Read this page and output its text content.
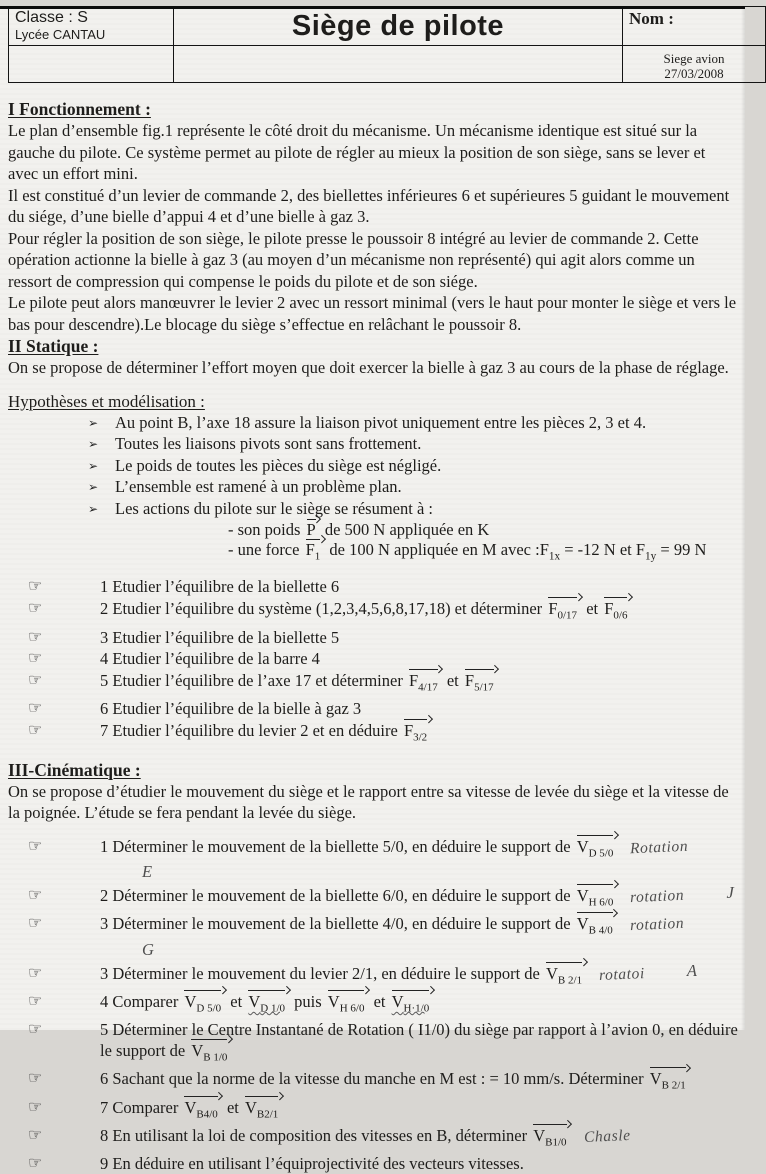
Classe : S
Lycée CANTAU	Siège de pilote	Nom :

		Siege avion
27/03/2008
I Fonctionnement :

Le plan d’ensemble fig.1 représente le côté droit du mécanisme. Un mécanisme identique est situé sur la gauche du pilote. Ce système permet au pilote de régler au mieux la position de son siège, sans se lever et avec un effort mini.

Il est constitué d’un levier de commande 2, des biellettes inférieures 6 et supérieures 5 guidant le mouvement du siége, d’une bielle d’appui 4 et d’une bielle à gaz 3.

Pour régler la position de son siège, le pilote presse le poussoir 8 intégré au levier de commande 2. Cette opération actionne la bielle à gaz 3 (au moyen d’un mécanisme non représenté) qui agit alors comme un ressort de compression qui compense le poids du pilote et de son siége.

Le pilote peut alors manœuvrer le levier 2 avec un ressort minimal (vers le haut pour monter le siège et vers le bas pour descendre).Le blocage du siège s’effectue en relâchant le poussoir 8.

II Statique :

On se propose de déterminer l’effort moyen que doit exercer la bielle à gaz 3 au cours de la phase de réglage.

Hypothèses et modélisation :
➢ Au point B, l’axe 18 assure la liaison pivot uniquement entre les pièces 2, 3 et 4.
➢ Toutes les liaisons pivots sont sans frottement.
➢ Le poids de toutes les pièces du siège est négligé.
➢ L’ensemble est ramené à un problème plan.
➢ Les actions du pilote sur le siège se résument à :
- son poids P de 500 N appliquée en K
- une force $F_1$ de 100 N appliquée en M avec $:F_{1x} = -12$ N et $F_{1y} = 99$ N
☞	1 Etudier l’équilibre de la biellette 6
☞	2 Etudier l’équilibre du système (1,2,3,4,5,6,8,17,18) et déterminer $F_{0/17}$ et $F_{0/6}$
☞	3 Etudier l’équilibre de la biellette 5
☞	4 Etudier l’équilibre de la barre 4
☞	5 Etudier l’équilibre de l’axe 17 et déterminer $F_{4/17}$ et $F_{5/17}$
☞	6 Etudier l’équilibre de la bielle à gaz 3
☞	7 Etudier l’équilibre du levier 2 et en déduire $F_{3/2}$
III-Cinématique :

On se propose d’étudier le mouvement du siège et le rapport entre sa vitesse de levée du siège et la vitesse de la poignée. L’étude se fera pendant la levée du siège.

☞	1 Déterminer le mouvement de la biellette 5/0, en déduire le support de $V_{D 5/0}$ RotationE
☞	2 Déterminer le mouvement de la biellette 6/0, en déduire le support de $V_{H 6/0}$ rotation	J
☞	3 Déterminer le mouvement de la biellette 4/0, en déduire le support de $V_{B 4/0}$ rotationG
☞	3 Déterminer le mouvement du levier 2/1, en déduire le support de $V_{B 2/1}$ rotatoi	A
☞	4 Comparer $V_{D 5/0}$ et $V_{D 1/0}$ puis $V_{H 6/0}$ et $V_{H\cdot 1/0}$
☞	5 Déterminer le Centre Instantané de Rotation ( I1/0) du siège par rapport à l’avion 0, en déduire le support de $V_{B 1/0}$
☞	6 Sachant que la norme de la vitesse du manche en M est : = 10 mm/s. Déterminer $V_{B 2/1}$
☞	7 Comparer $V_{B4/0}$ et $V_{B2/1}$
☞	8 En utilisant la loi de composition des vitesses en B, déterminer $V_{B1/0}$ Chasle
☞	9 En déduire en utilisant l’équiprojectivité des vecteurs vitesses.
